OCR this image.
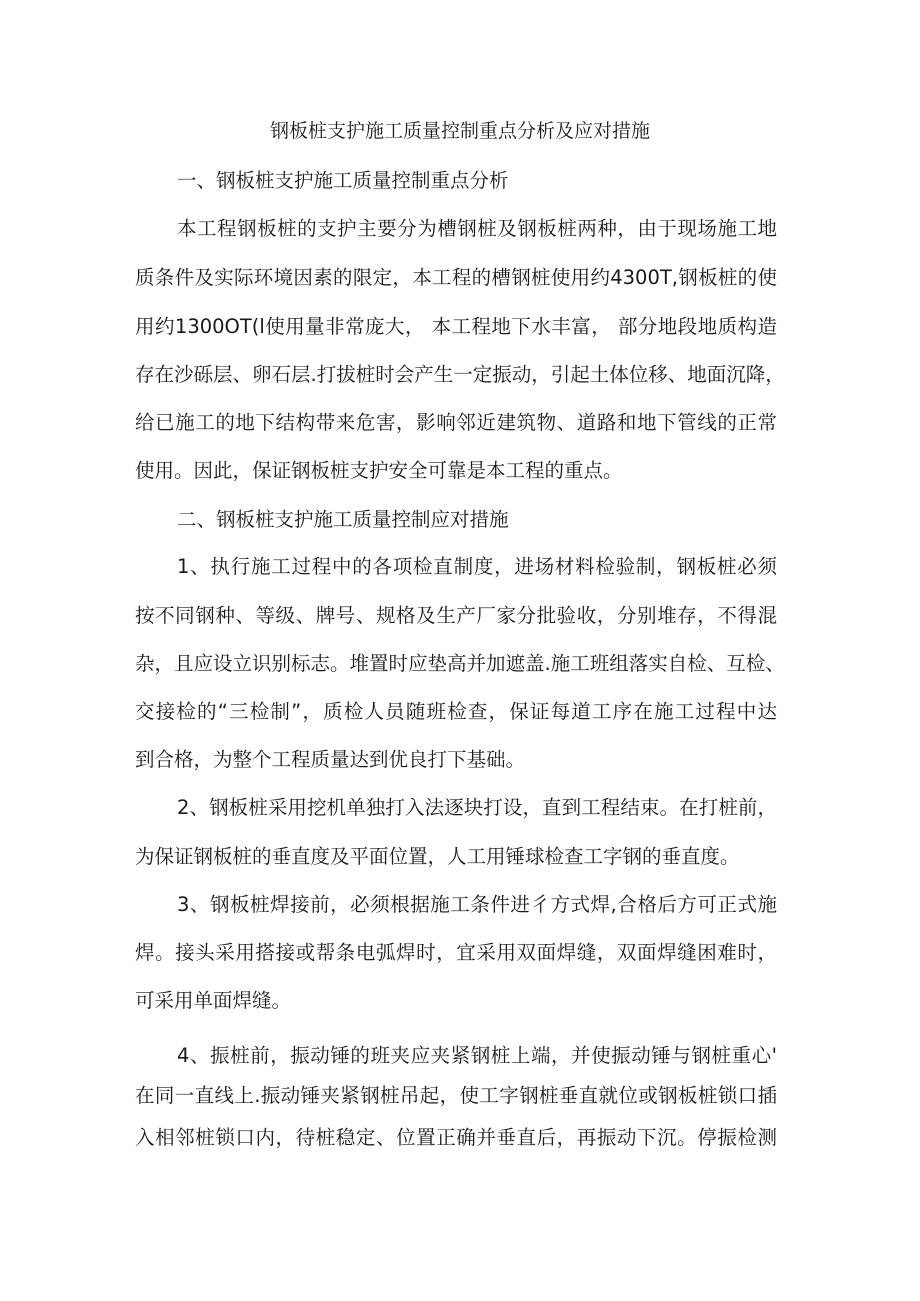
钢板桩支护施工质量控制重点分析及应对措施
一、钢板桩支护施工质量控制重点分析
本工程钢板桩的支护主要分为槽钢桩及钢板桩两种，由于现场施工地
质条件及实际环境因素的限定，本工程的槽钢桩使用约4300T,钢板桩的使
用约1300OT(l使用量非常庞大， 本工程地下水丰富， 部分地段地质构造
存在沙砾层、卵石层.打拔桩时会产生一定振动，引起土体位移、地面沉降，
给已施工的地下结构带来危害，影响邻近建筑物、道路和地下管线的正常
使用。因此，保证钢板桩支护安全可靠是本工程的重点。
二、钢板桩支护施工质量控制应对措施
1、执行施工过程中的各项检直制度，进场材料检验制，钢板桩必须
按不同钢种、等级、牌号、规格及生产厂家分批验收，分别堆存，不得混
杂，且应设立识别标志。堆置时应垫高并加遮盖.施工班组落实自检、互检、
交接检的“三检制”，质检人员随班检查，保证每道工序在施工过程中达
到合格，为整个工程质量达到优良打下基础。
2、钢板桩采用挖机单独打入法逐块打设，直到工程结束。在打桩前，
为保证钢板桩的垂直度及平面位置，人工用锤球检查工字钢的垂直度。
3、钢板桩焊接前，必须根据施工条件进彳方式焊,合格后方可正式施
焊。接头采用搭接或帮条电弧焊时，宜采用双面焊缝，双面焊缝困难时，
可采用单面焊缝。
4、振桩前，振动锤的班夹应夹紧钢桩上端，并使振动锤与钢桩重心'
在同一直线上.振动锤夹紧钢桩吊起，使工字钢桩垂直就位或钢板桩锁口插
入相邻桩锁口内，待桩稳定、位置正确并垂直后，再振动下沉。停振检测
